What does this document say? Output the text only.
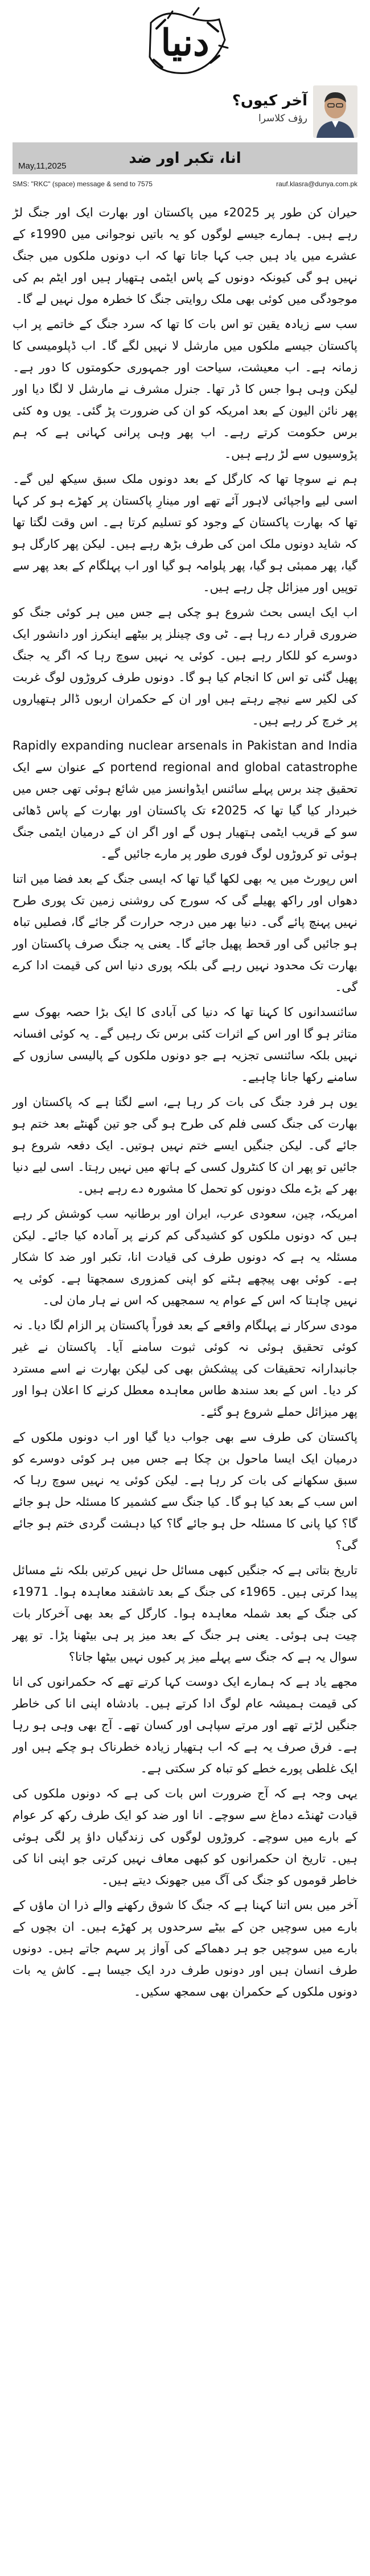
دنیا
آخر کیوں؟
رؤف کلاسرا
انا، تکبر اور ضد
May,11,2025
SMS: "RKC" (space) message & send to 7575	rauf.klasra@dunya.com.pk

حیران کن طور پر 2025ء میں پاکستان اور بھارت ایک اور جنگ لڑ رہے ہیں۔ ہمارے جیسے لوگوں کو یہ باتیں نوجوانی میں 1990ء کے عشرے میں یاد ہیں جب کہا جاتا تھا کہ اب دونوں ملکوں میں جنگ نہیں ہو گی کیونکہ دونوں کے پاس ایٹمی ہتھیار ہیں اور ایٹم بم کی موجودگی میں کوئی بھی ملک روایتی جنگ کا خطرہ مول نہیں لے گا۔

سب سے زیادہ یقین تو اس بات کا تھا کہ سرد جنگ کے خاتمے پر اب پاکستان جیسے ملکوں میں مارشل لا نہیں لگے گا۔ اب ڈپلومیسی کا زمانہ ہے۔ اب معیشت، سیاحت اور جمہوری حکومتوں کا دور ہے۔ لیکن وہی ہوا جس کا ڈر تھا۔ جنرل مشرف نے مارشل لا لگا دیا اور پھر نائن الیون کے بعد امریکہ کو ان کی ضرورت پڑ گئی۔ یوں وہ کئی برس حکومت کرتے رہے۔ اب پھر وہی پرانی کہانی ہے کہ ہم پڑوسیوں سے لڑ رہے ہیں۔

ہم نے سوچا تھا کہ کارگل کے بعد دونوں ملک سبق سیکھ لیں گے۔ اسی لیے واجپائی لاہور آئے تھے اور مینارِ پاکستان پر کھڑے ہو کر کہا تھا کہ بھارت پاکستان کے وجود کو تسلیم کرتا ہے۔ اس وقت لگتا تھا کہ شاید دونوں ملک امن کی طرف بڑھ رہے ہیں۔ لیکن پھر کارگل ہو گیا، پھر ممبئی ہو گیا، پھر پلوامہ ہو گیا اور اب پہلگام کے بعد پھر سے توپیں اور میزائل چل رہے ہیں۔

اب ایک ایسی بحث شروع ہو چکی ہے جس میں ہر کوئی جنگ کو ضروری قرار دے رہا ہے۔ ٹی وی چینلز پر بیٹھے اینکرز اور دانشور ایک دوسرے کو للکار رہے ہیں۔ کوئی یہ نہیں سوچ رہا کہ اگر یہ جنگ پھیل گئی تو اس کا انجام کیا ہو گا۔ دونوں طرف کروڑوں لوگ غربت کی لکیر سے نیچے رہتے ہیں اور ان کے حکمران اربوں ڈالر ہتھیاروں پر خرچ کر رہے ہیں۔

Rapidly expanding nuclear arsenals in Pakistan and India portend regional and global catastrophe کے عنوان سے ایک تحقیق چند برس پہلے سائنس ایڈوانسز میں شائع ہوئی تھی جس میں خبردار کیا گیا تھا کہ 2025ء تک پاکستان اور بھارت کے پاس ڈھائی سو کے قریب ایٹمی ہتھیار ہوں گے اور اگر ان کے درمیان ایٹمی جنگ ہوئی تو کروڑوں لوگ فوری طور پر مارے جائیں گے۔

اس رپورٹ میں یہ بھی لکھا گیا تھا کہ ایسی جنگ کے بعد فضا میں اتنا دھواں اور راکھ پھیلے گی کہ سورج کی روشنی زمین تک پوری طرح نہیں پہنچ پائے گی۔ دنیا بھر میں درجہ حرارت گر جائے گا، فصلیں تباہ ہو جائیں گی اور قحط پھیل جائے گا۔ یعنی یہ جنگ صرف پاکستان اور بھارت تک محدود نہیں رہے گی بلکہ پوری دنیا اس کی قیمت ادا کرے گی۔

سائنسدانوں کا کہنا تھا کہ دنیا کی آبادی کا ایک بڑا حصہ بھوک سے متاثر ہو گا اور اس کے اثرات کئی برس تک رہیں گے۔ یہ کوئی افسانہ نہیں بلکہ سائنسی تجزیہ ہے جو دونوں ملکوں کے پالیسی سازوں کے سامنے رکھا جانا چاہیے۔

یوں ہر فرد جنگ کی بات کر رہا ہے، اسے لگتا ہے کہ پاکستان اور بھارت کی جنگ کسی فلم کی طرح ہو گی جو تین گھنٹے بعد ختم ہو جائے گی۔ لیکن جنگیں ایسے ختم نہیں ہوتیں۔ ایک دفعہ شروع ہو جائیں تو پھر ان کا کنٹرول کسی کے ہاتھ میں نہیں رہتا۔ اسی لیے دنیا بھر کے بڑے ملک دونوں کو تحمل کا مشورہ دے رہے ہیں۔

امریکہ، چین، سعودی عرب، ایران اور برطانیہ سب کوشش کر رہے ہیں کہ دونوں ملکوں کو کشیدگی کم کرنے پر آمادہ کیا جائے۔ لیکن مسئلہ یہ ہے کہ دونوں طرف کی قیادت انا، تکبر اور ضد کا شکار ہے۔ کوئی بھی پیچھے ہٹنے کو اپنی کمزوری سمجھتا ہے۔ کوئی یہ نہیں چاہتا کہ اس کے عوام یہ سمجھیں کہ اس نے ہار مان لی۔

مودی سرکار نے پہلگام واقعے کے بعد فوراً پاکستان پر الزام لگا دیا۔ نہ کوئی تحقیق ہوئی نہ کوئی ثبوت سامنے آیا۔ پاکستان نے غیر جانبدارانہ تحقیقات کی پیشکش بھی کی لیکن بھارت نے اسے مسترد کر دیا۔ اس کے بعد سندھ طاس معاہدہ معطل کرنے کا اعلان ہوا اور پھر میزائل حملے شروع ہو گئے۔

پاکستان کی طرف سے بھی جواب دیا گیا اور اب دونوں ملکوں کے درمیان ایک ایسا ماحول بن چکا ہے جس میں ہر کوئی دوسرے کو سبق سکھانے کی بات کر رہا ہے۔ لیکن کوئی یہ نہیں سوچ رہا کہ اس سب کے بعد کیا ہو گا۔ کیا جنگ سے کشمیر کا مسئلہ حل ہو جائے گا؟ کیا پانی کا مسئلہ حل ہو جائے گا؟ کیا دہشت گردی ختم ہو جائے گی؟

تاریخ بتاتی ہے کہ جنگیں کبھی مسائل حل نہیں کرتیں بلکہ نئے مسائل پیدا کرتی ہیں۔ 1965ء کی جنگ کے بعد تاشقند معاہدہ ہوا۔ 1971ء کی جنگ کے بعد شملہ معاہدہ ہوا۔ کارگل کے بعد بھی آخرکار بات چیت ہی ہوئی۔ یعنی ہر جنگ کے بعد میز پر ہی بیٹھنا پڑا۔ تو پھر سوال یہ ہے کہ جنگ سے پہلے میز پر کیوں نہیں بیٹھا جاتا؟

مجھے یاد ہے کہ ہمارے ایک دوست کہا کرتے تھے کہ حکمرانوں کی انا کی قیمت ہمیشہ عام لوگ ادا کرتے ہیں۔ بادشاہ اپنی انا کی خاطر جنگیں لڑتے تھے اور مرتے سپاہی اور کسان تھے۔ آج بھی وہی ہو رہا ہے۔ فرق صرف یہ ہے کہ اب ہتھیار زیادہ خطرناک ہو چکے ہیں اور ایک غلطی پورے خطے کو تباہ کر سکتی ہے۔

یہی وجہ ہے کہ آج ضرورت اس بات کی ہے کہ دونوں ملکوں کی قیادت ٹھنڈے دماغ سے سوچے۔ انا اور ضد کو ایک طرف رکھ کر عوام کے بارے میں سوچے۔ کروڑوں لوگوں کی زندگیاں داؤ پر لگی ہوئی ہیں۔ تاریخ ان حکمرانوں کو کبھی معاف نہیں کرتی جو اپنی انا کی خاطر قوموں کو جنگ کی آگ میں جھونک دیتے ہیں۔

آخر میں بس اتنا کہنا ہے کہ جنگ کا شوق رکھنے والے ذرا ان ماؤں کے بارے میں سوچیں جن کے بیٹے سرحدوں پر کھڑے ہیں۔ ان بچوں کے بارے میں سوچیں جو ہر دھماکے کی آواز پر سہم جاتے ہیں۔ دونوں طرف انسان ہیں اور دونوں طرف درد ایک جیسا ہے۔ کاش یہ بات دونوں ملکوں کے حکمران بھی سمجھ سکیں۔
